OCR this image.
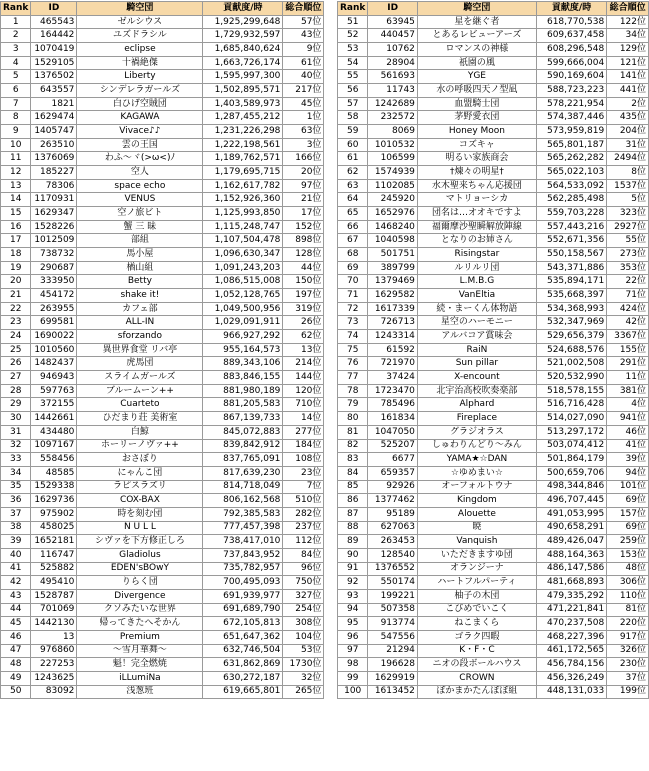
Rank	ID	騎空団	貢献度/時	総合順位
1	465543	ゼルシウス	1,925,299,648	57位
2	164442	ユズドラシル	1,729,932,597	43位
3	1070419	eclipse	1,685,840,624	9位
4	1529105	十禍絶傑	1,663,726,174	61位
5	1376502	Liberty	1,595,997,300	40位
6	643557	シンデレラガールズ	1,502,895,571	217位
7	1821	白ひげ空賊団	1,403,589,973	45位
8	1629474	KAGAWA	1,287,455,212	1位
9	1405747	Vivace♪♪	1,231,226,298	63位
10	263510	雲の王国	1,222,198,561	3位
11	1376069	わふ～ヾ(>ω<)ﾉ	1,189,762,571	166位
12	185227	空人	1,179,695,715	20位
13	78306	space echo	1,162,617,782	97位
14	1170931	VENUS	1,152,926,360	21位
15	1629347	空ノ旅ビト	1,125,993,850	17位
16	1528226	蟹 三 昧	1,115,248,747	152位
17	1012509	部組	1,107,504,478	898位
18	738732	馬小屋	1,096,630,347	128位
19	290687	楢山組	1,091,243,203	44位
20	333950	Betty	1,086,515,008	150位
21	454172	shake it!	1,052,128,765	197位
22	263955	カフェ部	1,049,500,956	319位
23	699581	ALL-IN	1,029,091,911	26位
24	1690022	sforzando	966,927,292	62位
25	1010560	異世界食堂 リバ亭	955,164,573	13位
26	1482437	虎馬団	889,343,106	214位
27	946943	スライムガールズ	883,846,155	144位
28	597763	ブルームーン++	881,980,189	120位
29	372155	Cuarteto	881,205,583	710位
30	1442661	ひだまり荘 美術室	867,139,733	14位
31	434480	白鯨	845,072,883	277位
32	1097167	ホーリーノヴァ++	839,842,912	184位
33	558456	おさぼり	837,765,091	108位
34	48585	にゃんこ団	817,639,230	23位
35	1529338	ラピスラズリ	814,718,049	7位
36	1629736	COX-BAX	806,162,568	510位
37	975902	時を刻む団	792,385,583	282位
38	458025	N U L L	777,457,398	237位
39	1652181	シヴァを下方修正しろ	738,417,010	112位
40	116747	Gladiolus	737,843,952	84位
41	525882	EDEN'sBOwY	735,782,957	96位
42	495410	りらく団	700,495,093	750位
43	1528787	Divergence	691,939,977	327位
44	701069	クソみたいな世界	691,689,790	254位
45	1442130	帰ってきたへそかん	672,105,813	308位
46	13	Premium	651,647,362	104位
47	976860	～雪月華舞～	632,746,504	53位
48	227253	魁！完全燃焼	631,862,869	1730位
49	1243625	iLLumiNa	630,272,187	32位
50	83092	浅葱班	619,665,801	265位
Rank	ID	騎空団	貢献度/時	総合順位
51	63945	星を継ぐ者	618,770,538	122位
52	440457	とあるレビューアーズ	609,637,458	34位
53	10762	ロマンスの神様	608,296,548	129位
54	28904	祇園の風	599,666,004	121位
55	561693	YGE	590,169,604	141位
56	11743	水の呼吸四天ノ型凪	588,723,223	441位
57	1242689	血盟騎士団	578,221,954	2位
58	232572	茅野愛衣団	574,387,446	435位
59	8069	Honey Moon	573,959,819	204位
60	1010532	コズキャ	565,801,187	31位
61	106599	明るい家族商会	565,262,282	2494位
62	1574939	†煉々の明星†	565,022,103	8位
63	1102085	水木聖来ちゃん応援団	564,533,092	1537位
64	245920	マトリョーシカ	562,285,498	5位
65	1652976	団名は…オオキですよ	559,703,228	323位
66	1468240	福爾摩沙聖瞬解放陣線	557,443,216	2927位
67	1040598	となりのお姉さん	552,671,356	55位
68	501751	Risingstar	550,158,567	273位
69	389799	ルリルリ団	543,371,886	353位
70	1379469	L.M.B.G	535,894,171	22位
71	1629582	VanEltia	535,668,397	71位
72	1617339	続・まーくん体物語	534,368,993	424位
73	726713	星空のハーモニー	532,347,969	42位
74	1243314	アルバコア賞味会	529,656,379	3367位
75	61592	RaiN	524,688,576	155位
76	721970	Sun pillar	521,002,508	291位
77	37424	X-encount	520,532,990	11位
78	1723470	北宇治高校吹奏楽部	518,578,155	381位
79	785496	Alphard	516,716,428	4位
80	161834	Fireplace	514,027,090	941位
81	1047050	グラジオラス	513,297,172	46位
82	525207	しゅわりんどり～みん	503,074,412	41位
83	6677	YAMA★☆DAN	501,864,179	39位
84	659357	☆ゆめまい☆	500,659,706	94位
85	92926	オーフォルトウナ	498,344,846	101位
86	1377462	Kingdom	496,707,445	69位
87	95189	Alouette	491,053,995	157位
88	627063	暁	490,658,291	69位
89	263453	Vanquish	489,426,047	259位
90	128540	いただきますゆ団	488,164,363	153位
91	1376552	オランジーナ	486,147,586	48位
92	550174	ハートフルパーティ	481,668,893	306位
93	199221	柚子の木団	479,335,292	110位
94	507358	こびめでいこく	471,221,841	81位
95	913774	ねこまくら	470,237,508	220位
96	547556	ゴラク四暇	468,227,396	917位
97	21294	K・F・C	461,172,565	326位
98	196628	ニオの段ボールハウス	456,784,156	230位
99	1629919	CROWN	456,326,249	37位
100	1613452	ぼかまかたんぼぼ組	448,131,033	199位
